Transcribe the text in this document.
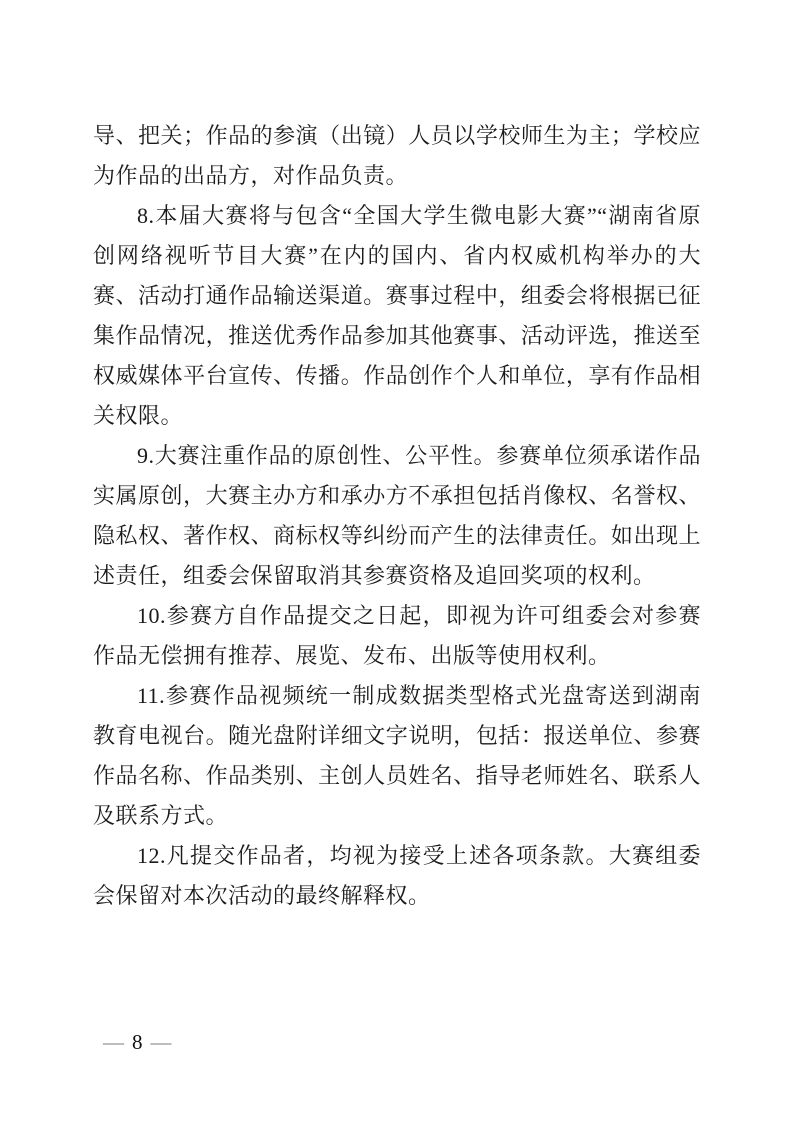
导、把关；作品的参演（出镜）人员以学校师生为主；学校应为作品的出品方，对作品负责。

8.本届大赛将与包含“全国大学生微电影大赛”“湖南省原创网络视听节目大赛”在内的国内、省内权威机构举办的大赛、活动打通作品输送渠道。赛事过程中，组委会将根据已征集作品情况，推送优秀作品参加其他赛事、活动评选，推送至权威媒体平台宣传、传播。作品创作个人和单位，享有作品相关权限。

9.大赛注重作品的原创性、公平性。参赛单位须承诺作品实属原创，大赛主办方和承办方不承担包括肖像权、名誉权、隐私权、著作权、商标权等纠纷而产生的法律责任。如出现上述责任，组委会保留取消其参赛资格及追回奖项的权利。

10.参赛方自作品提交之日起，即视为许可组委会对参赛作品无偿拥有推荐、展览、发布、出版等使用权利。

11.参赛作品视频统一制成数据类型格式光盘寄送到湖南教育电视台。随光盘附详细文字说明，包括：报送单位、参赛作品名称、作品类别、主创人员姓名、指导老师姓名、联系人及联系方式。

12.凡提交作品者，均视为接受上述各项条款。大赛组委会保留对本次活动的最终解释权。

— 8 —
